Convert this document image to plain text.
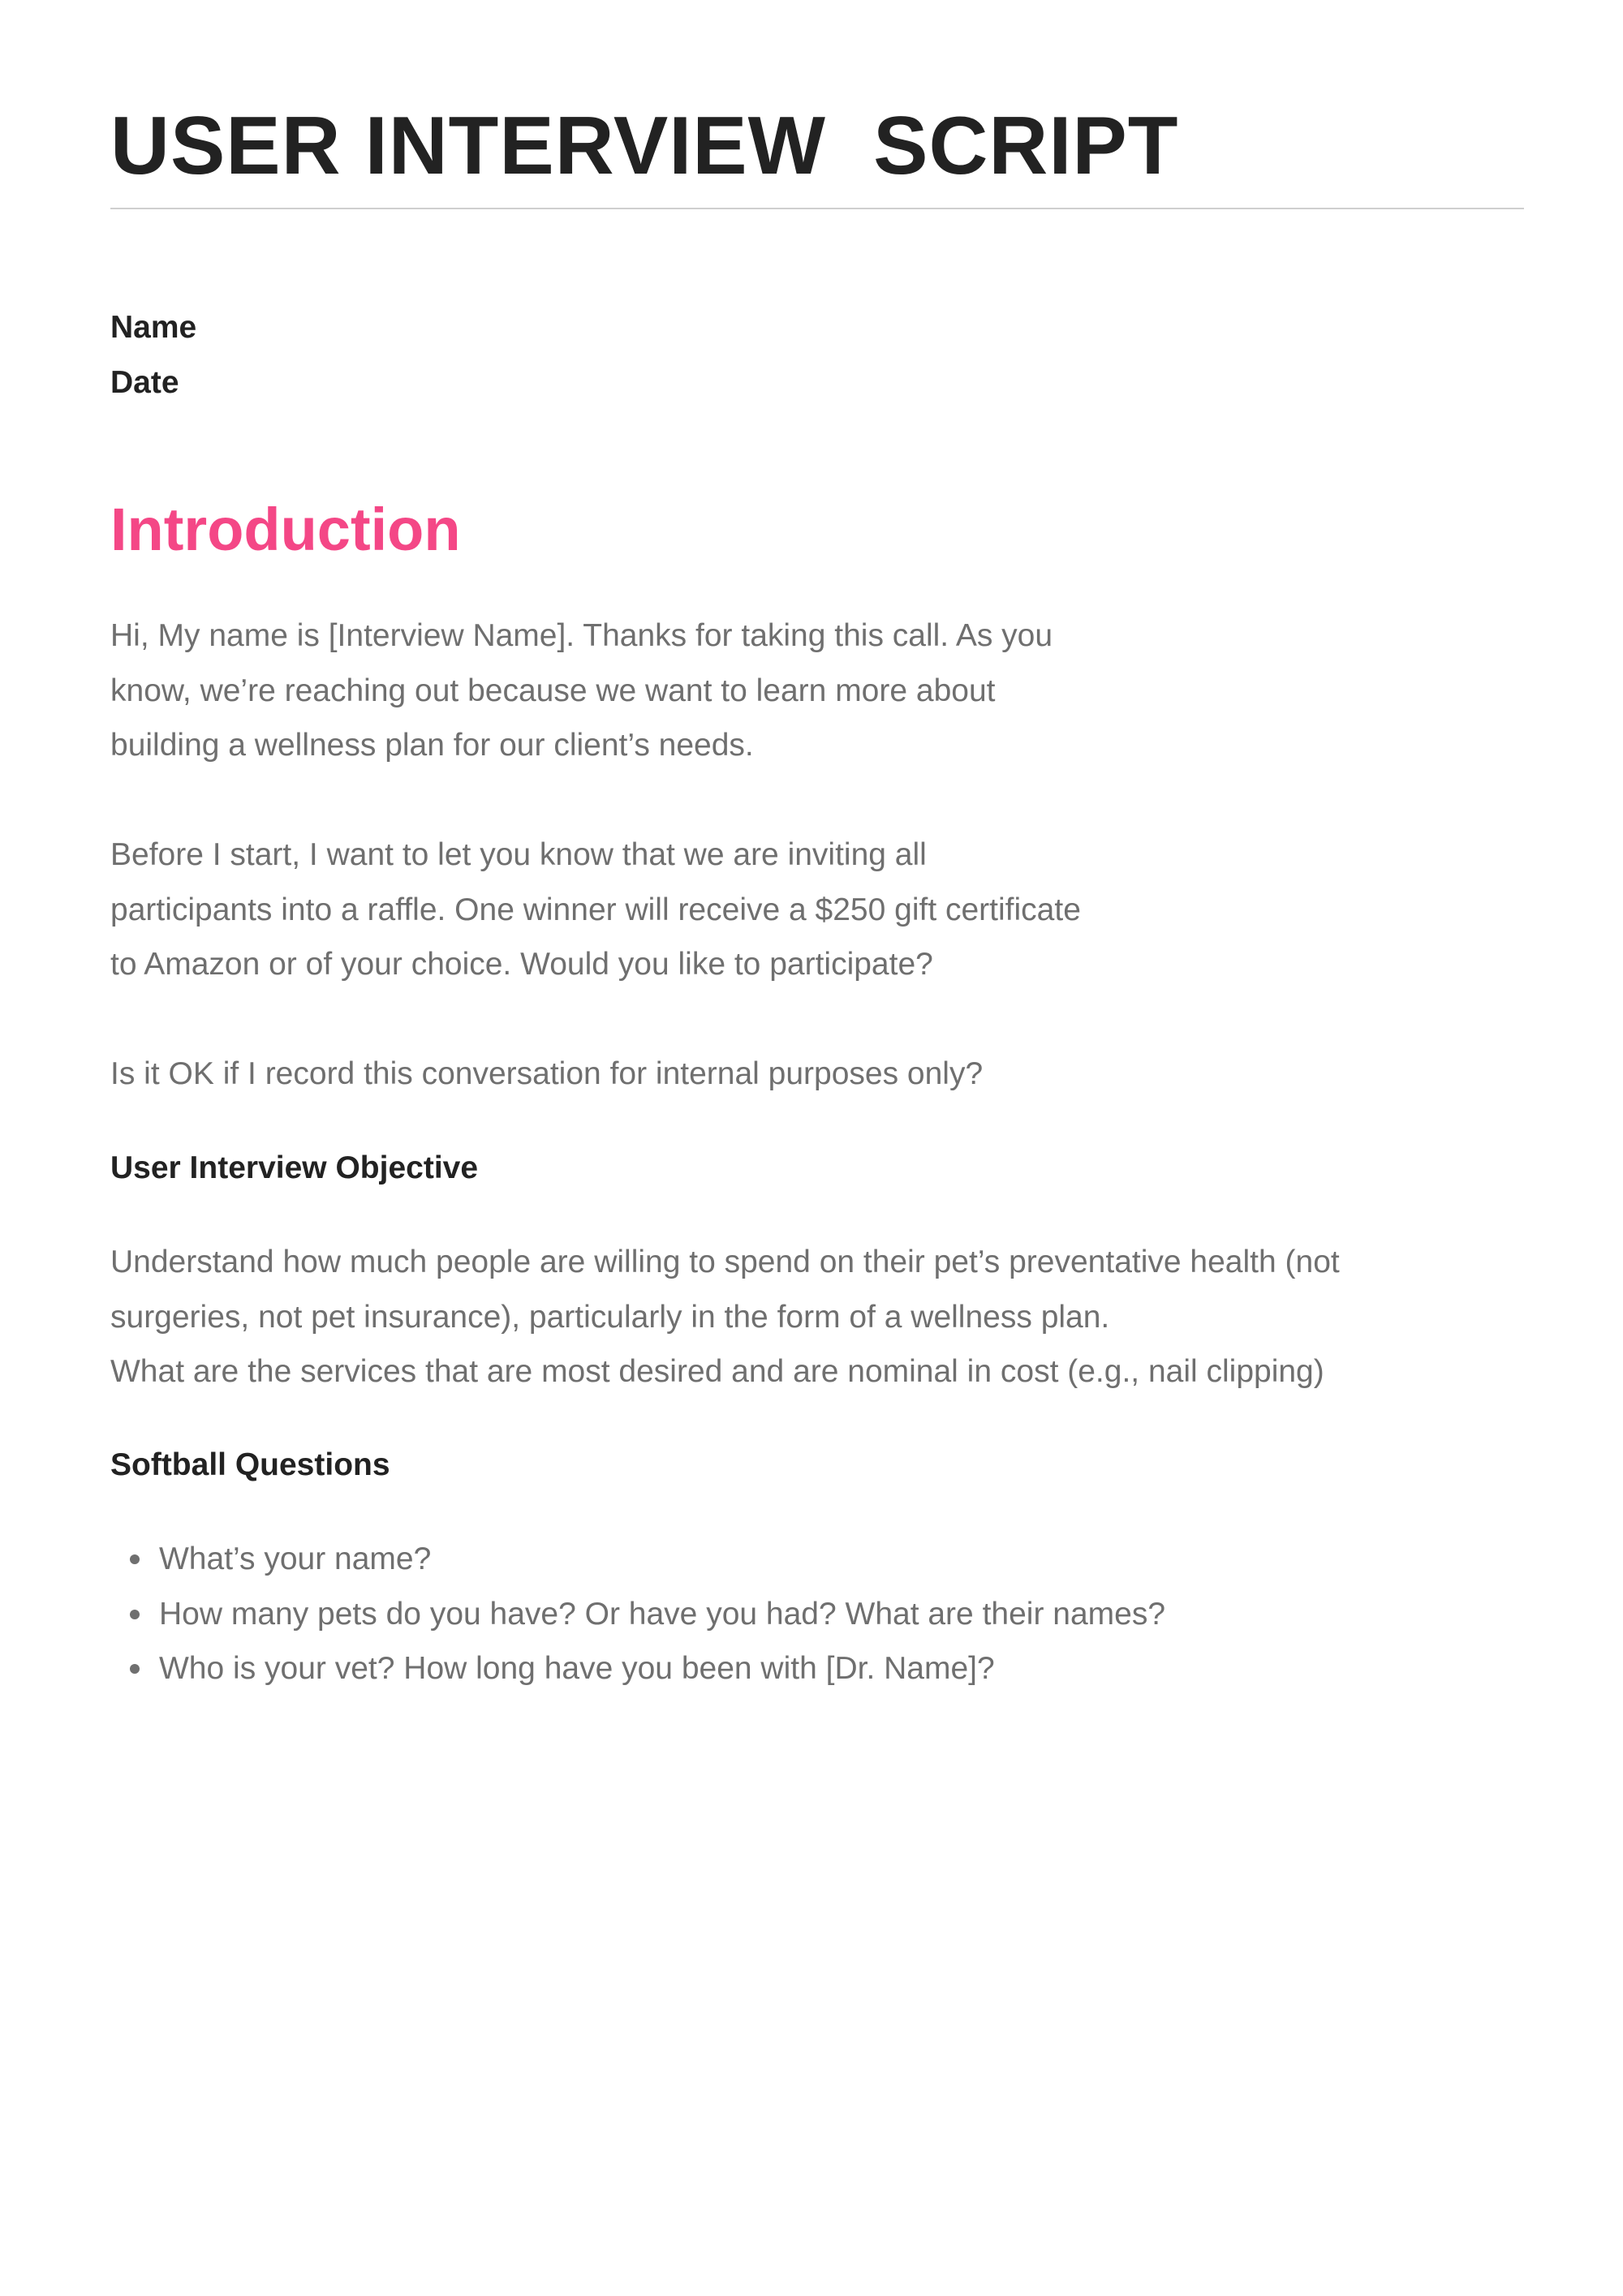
USER INTERVIEW  SCRIPT
Name
Date
Introduction
Hi, My name is [Interview Name]. Thanks for taking this call. As you
know, we’re reaching out because we want to learn more about
building a wellness plan for our client’s needs.
Before I start, I want to let you know that we are inviting all
participants into a raffle. One winner will receive a $250 gift certificate
to Amazon or of your choice. Would you like to participate?
Is it OK if I record this conversation for internal purposes only?
User Interview Objective
Understand how much people are willing to spend on their pet’s preventative health (not
surgeries, not pet insurance), particularly in the form of a wellness plan.
What are the services that are most desired and are nominal in cost (e.g., nail clipping)
Softball Questions
What’s your name?
How many pets do you have? Or have you had? What are their names?
Who is your vet? How long have you been with [Dr. Name]?
